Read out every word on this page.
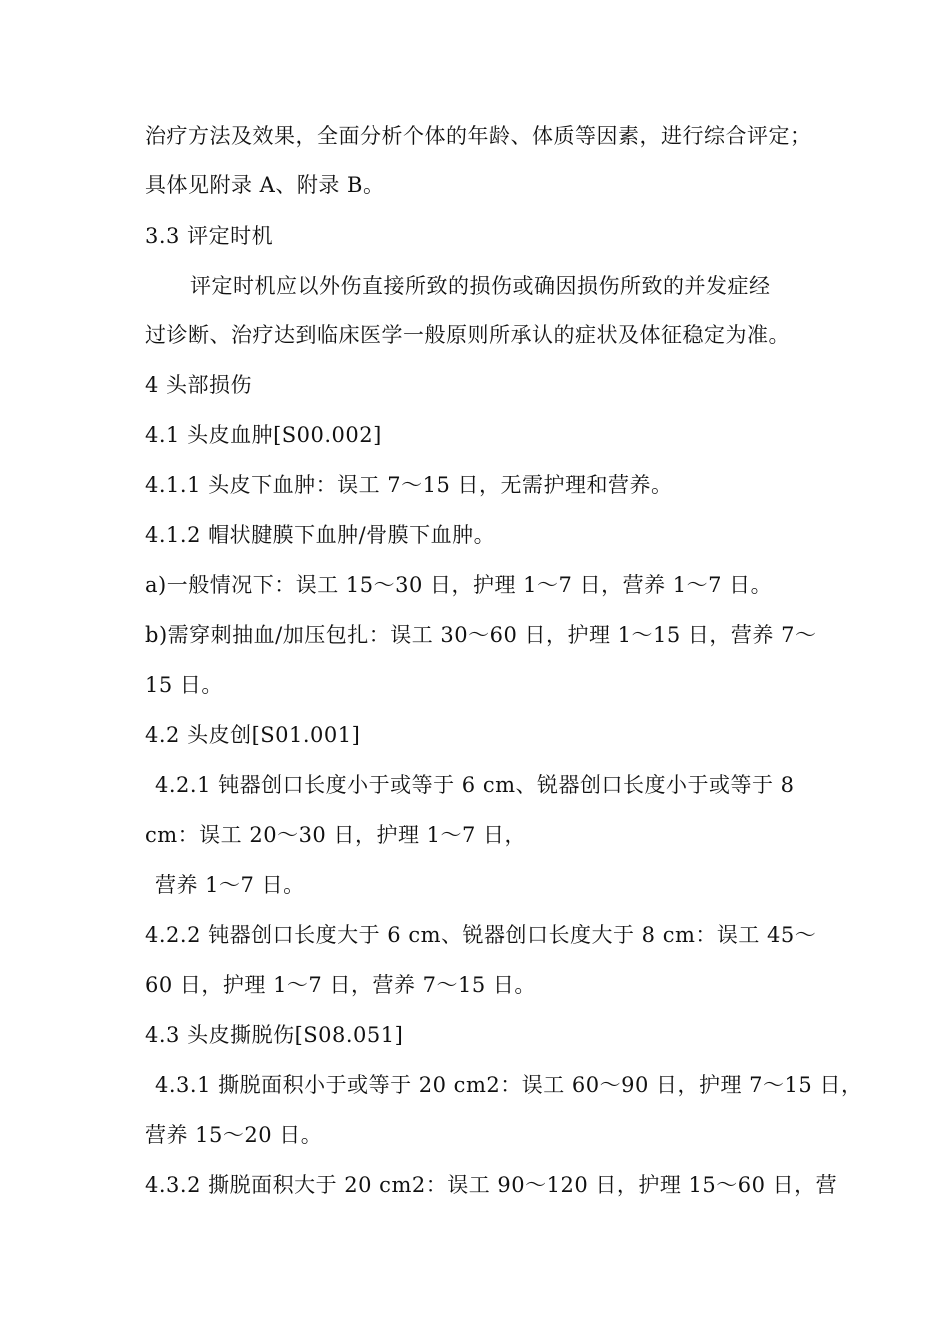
治疗方法及效果，全面分析个体的年龄、体质等因素，进行综合评定；
具体见附录 A、附录 B。
3.3 评定时机
评定时机应以外伤直接所致的损伤或确因损伤所致的并发症经
过诊断、治疗达到临床医学一般原则所承认的症状及体征稳定为准。
4 头部损伤
4.1 头皮血肿[S00.002]
4.1.1 头皮下血肿：误工 7～15 日，无需护理和营养。
4.1.2 帽状腱膜下血肿/骨膜下血肿。
a)一般情况下：误工 15～30 日，护理 1～7 日，营养 1～7 日。
b)需穿刺抽血/加压包扎：误工 30～60 日，护理 1～15 日，营养 7～
15 日。
4.2 头皮创[S01.001]
4.2.1 钝器创口长度小于或等于 6 cm、锐器创口长度小于或等于 8
cm：误工 20～30 日，护理 1～7 日，
营养 1～7 日。
4.2.2 钝器创口长度大于 6 cm、锐器创口长度大于 8 cm：误工 45～
60 日，护理 1～7 日，营养 7～15 日。
4.3 头皮撕脱伤[S08.051]
4.3.1 撕脱面积小于或等于 20 cm2：误工 60～90 日，护理 7～15 日，
营养 15～20 日。
4.3.2 撕脱面积大于 20 cm2：误工 90～120 日，护理 15～60 日，营
